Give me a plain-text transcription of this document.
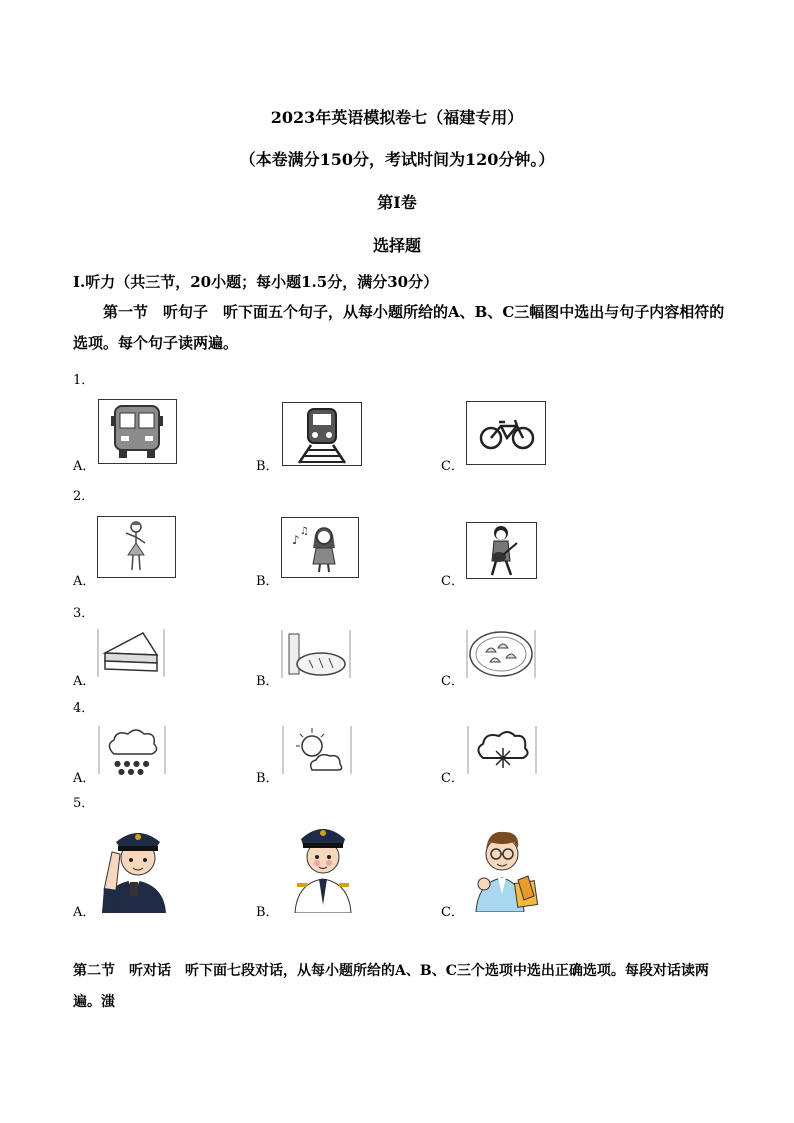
2023年英语模拟卷七（福建专用）
（本卷满分150分，考试时间为120分钟。）
第Ⅰ卷
选择题
Ⅰ.听力（共三节，20小题；每小题1.5分，满分30分）
第一节　听句子　听下面五个句子，从每小题所给的A、B、C三幅图中选出与句子内容相符的选项。每个句子读两遍。
1．
A．	B．	C．
2．
A．	B．	C．
♪
♫
3．
A．	B．	C．
4．
A．	B．	C．
● ● ● ●
● ● ●
5．
A．	B．	C．
第二节　听对话　听下面七段对话，从每小题所给的A、B、C三个选项中选出正确选项。每段对话读两遍。滍
